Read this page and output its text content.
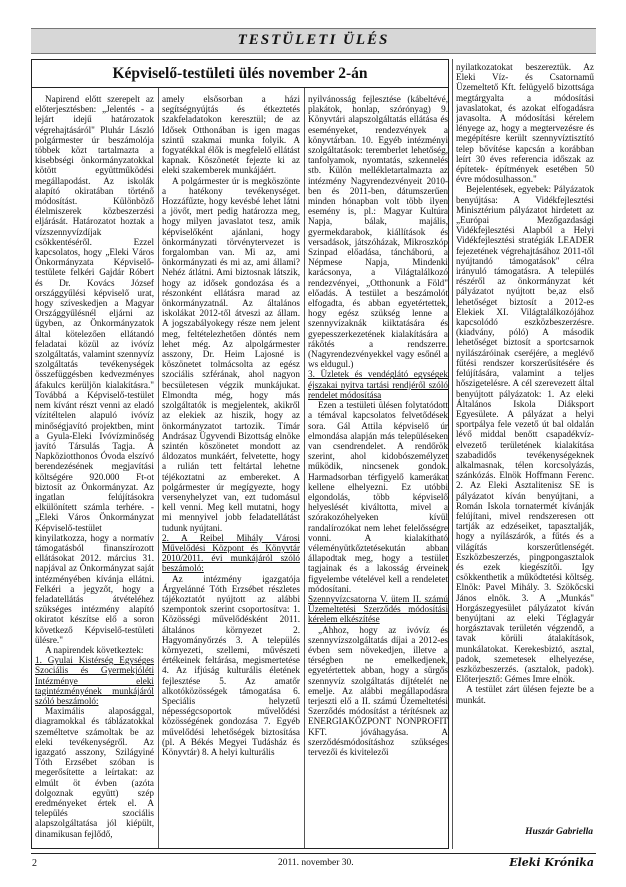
TESTÜLETI ÜLÉS
Képviselő-testületi ülés november 2-án

Napirend előtt szerepelt az előterjesztésben: „Jelentés - a lejárt idejű határozatok végrehajtásáról" Pluhár László polgármester úr beszámolója többek közt tartalmazta a kisebbségi önkormányzatokkal kötött együttműködési megállapodást. Az iskolák alapító okiratában történő módosítást. Különböző élelmiszerek közbeszerzési eljárását. Határozatot hoztak a vízszennyvízdíjak csökkentéséről. Ezzel kapcsolatos, hogy „Eleki Város Önkormányzata Képviselő-testülete felkéri Gajdár Róbert és Dr. Kovács József országgyűlési képviselő urat, hogy szíveskedjen a Magyar Országgyűlésnél eljárni az ügyben, az Önkormányzatok által kötelezően ellátandó feladatai közül az ivóvíz szolgáltatás, valamint szennyvíz szolgáltatás tevékenységek összefüggésben kedvezményes áfakulcs kerüljön kialakításra." Továbbá a Képviselő-testület nem kívánt részt venni az eladó vízitéltelen alapuló ivóvíz minőségjavító projektben, mint a Gyula-Eleki Ivóvízminőség javító Társulás Tagja. A Napköziotthonos Óvoda elszívó berendezésének megjavítási költségére 920.000 Ft-ot biztosít az Önkormányzat. Az ingatlan felújításokra elkülönített számla terhére. - „Eleki Város Önkormányzat Képviselő-testület kinyilatkozza, hogy a normatív támogatásból finanszírozott ellátásokat 2012. március 31. napjával az Önkormányzat saját intézményében kívánja ellátni. Felkéri a jegyzőt, hogy a feladatellátás átvételéhez szükséges intézmény alapító okiratot készítse elő a soron következő Képviselő-testületi ülésre."

A napirendek következtek:

1. Gyulai Kistérség Egységes Szociális és Gyermekjóléti Intézménye eleki tagintézményének munkájáról szóló beszámoló:

Maximális alaposággal, diagramokkal és táblázatokkal személtetve számoltak be az eleki tevékenységről. Az igazgató asszony, Szilágyiné Tóth Erzsébet szóban is megerősítette a leírtakat: az elmúlt öt évben (azóta dolgoznak együtt) szép eredményeket értek el. A település szociális alapszolgáltatása jól kiépült, dinamikusan fejlődő,

amely elsősorban a házi segítségnyújtás és étkeztetés szakfeladatokon keresztül; de az Idősek Otthonában is igen magas szintű szakmai munka folyik. A fogyatékkal élők is megfelelő ellátást kapnak. Köszönetét fejezte ki az eleki szakemberek munkájáért.

A polgármester úr is megköszönte a hatékony tevékenységet. Hozzáfűzte, hogy kevésbé lehet látni a jövőt, mert pedig határozza meg, hogy milyen javaslatot tesz, amik képviselőként ajánlani, hogy önkormányzati törvénytervezet is forgalomban van. Mi az, ami önkormányzati és mi az, ami állami? Nehéz átlátni. Ami biztosnak látszik, hogy az idősek gondozása és a részonként ellátásra marad az önkormányzatnál. Az általános iskolákat 2012-től átveszi az állam. A jogszabályokegy része nem jelent meg, feltételezhetően döntés nem lehet még. Az alpolgármester asszony, Dr. Heim Lajosné is köszönetet tolmácsolta az egész szociális szférának, ahol nagyon becsületesen végzik munkájukat. Elmondta még, hogy más szolgáltatók is megjelentek, akikről az elekiek az hiszik, hogy az önkormányzatot tartozik. Tímár Andrásaz Ügyvendi Bizottság elnöke szintén köszönetet mondott az áldozatos munkáért, felvetette, hogy a rulián tett feltártal lehetne téjékoztatni az embereket. A polgármester úr megígyezte, hogy versenyhelyzet van, ezt tudomásul kell venni. Meg kell mutatni, hogy mi mennyivel jobb feladatellátást tudunk nyújtani.

2. A Reibel Mihály Városi Művelődési Központ és Könyvtár 2010/2011. évi munkájáról szóló beszámoló:

Az intézmény igazgatója Árgyelánné Tóth Erzsébet részletes tájékoztatót nyújtott az alábbi szempontok szerint csoportosítva: 1. Közösségi művelődésként 2011. általános környezet 2. Hagyományőrzés 3. A település környezeti, szellemi, művészeti értékeinek feltárása, megismertetése 4. Az ifjúság kulturális életének fejlesztése 5. Az amatőr alkotóközösségek támogatása 6. Speciális helyzetű népességcsoportok művelődési közösségének gondozása 7. Egyéb művelődési lehetőségek biztosítása (pl. A Békés Megyei Tudásház és Könyvtár) 8. A helyi kulturális

nyilvánosság fejlesztése (kábeltévé, plakátok, honlap, szórónyag) 9. Könyvtári alapszolgáltatás ellátása és eseményeket, rendezvények a könyvtárban. 10. Egyéb intézményi szolgáltatások: teremberlet lehetőség, tanfolyamok, nyomtatás, szkennelés stb. Külön mellékletartalmazta az intézmény Nagyrendezvényeit 2010-ben és 2011-ben, dátumszerűen minden hónapban volt több ilyen esemény is, pl.: Magyar Kultúra Napja, bálak, majális, gyermekdarabok, kiállítások és versadások, játszóházak, Mikroszkóp Szinpad előadása, táncháború, a Népmese Napja, Mindenki karácsonya, a Világtalálkozó rendezvényei, „Otthonunk a Föld" előadás. A testület a beszámolót elfogadta, és abban egyetértettek, hogy egész szükség lenne a szennyvízaknák kiiktatására és gyepesszerkezetének kialakítására a rákötés a rendszerre. (Nagyrendezvényekkel vagy esőnél a ws eldugul.)

3. Üzletek és vendéglátó egységek éjszakai nyitva tartási rendjéről szóló rendelet módosítása

Ezen a testületi ülésen folytatódott a témával kapcsolatos felvetődések sora. Gál Attila képviselő úr elmondása alapján más településeken van csendrendelet. A rendőrök szerint, ahol kidobószemélyzet működik, nincsenek gondok. Harmadsorban térfigyelő kamerákat kellene elhelyezni. Ez utóbbi elgondolás, több képviselő helyeslését kiváltotta, mivel a szórakozóhelyeken kívül randalírozókat nem lehet felelősségre vonni. A kialakítható véleményütkőztetésekután abban állapodtak meg, hogy a testület tagjainak és a lakosság érveinek figyelembe vételével kell a rendeletet módosítani.

Szennyvízcsatorna V. ütem II. számú Üzemeltetési Szerződés módosítási kérelem elkészítése

„Ahhoz, hogy az ivóvíz és szennyvízszolgáltatás díjai a 2012-es évben sem növekedjen, illetve a térségben ne emelkedjenek, egyetértettek abban, hogy a sürgős szennyvíz szolgáltatás díjtételét ne emelje. Az alábbi megállapodásra terjeszti elő a II. számú Üzemeltetési Szerződés módosítást a térítésnek az ENERGIAKÖZPONT NONPROFIT KFT. jóváhagyása. A szerződésmódosításhoz szükséges tervezői és kivitelezői

nyilatkozatokat beszereztük. Az Eleki Víz- és Csatornamű Üzemeltető Kft. felügyelő bizottsága megtárgyalta a módosítási javaslatokat, és azokat elfogadásra javasolta. A módosítási kérelem lényege az, hogy a megtervezésre és megépítésre került szennyvíztisztító telep bővítése kapcsán a korábban leírt 30 éves referencia időszak az építetek- építmények esetében 50 évre módosulhasson."

Bejelentések, egyebek: Pályázatok benyújtása: A Vidékfejlesztési Minisztérium pályázatot hirdetett az „Európai Mezőgazdasági Vidékfejlesztési Alapból a Helyi Vidékfejlesztési stratégiák LEADER fejezetének végrehajtásához 2011-től nyújtandó támogatások" célra irányuló támogatásra. A település részéről az önkormányzat két pályázatot nyújtott be,az első lehetőséget biztosít a 2012-es Elekiek XI. Világtalálkozójához kapcsolódó eszközbeszerzésre. (kiadvány, póló) A második lehetőséget biztosít a sportcsarnok nyilászáróinak cseréjére, a meglévő fűtési rendszer korszerűsítésére és felújítására, valamint a teljes hőszigetelésre. A cél szerevezett által benyújtott pályázatok: 1. Az eleki Általános Iskola Diáksport Egyesülete. A pályázat a helyi sportpálya fele vezető út bal oldalán lévő middal benőtt csapadékvíz-elvezető területének kialakítása szabadidős tevékenységeknek alkalmasnak, télen korcsolyázás, szánkózás. Elnök Hoffmann Ferenc. 2. Az Eleki Asztalitenisz SE is pályázatot kíván benyújtani, a Román Iskola tornatermét kívánják felújítani, mivel rendszeresen ott tartják az edzéseiket, tapasztalják, hogy a nyílászárók, a fűtés és a világítás korszerűtlenségét. Eszközbeszerzés, pingpongasztalok és ezek kiegészítői. Igy csökkenthetik a működtetési költség. Elnök: Pavel Mihály. 3. Szökőcski János elnök. 3. A „Munkás" Horgászegyesület pályázatot kíván benyújtani az eleki Téglagyár horgásztavak területén végzendő, a tavak körüli átalakítások, munkálatokat. Kerekesbiztó, asztal, padok, szemetesek elhelyezése, eszközbeszerzés. (asztalok, padok). Előterjesztő: Gémes Imre elnök.

A testület zárt ülésen fejezte be a munkát.

Huszár Gabriella
2	2011. november 30.	Eleki Krónika
